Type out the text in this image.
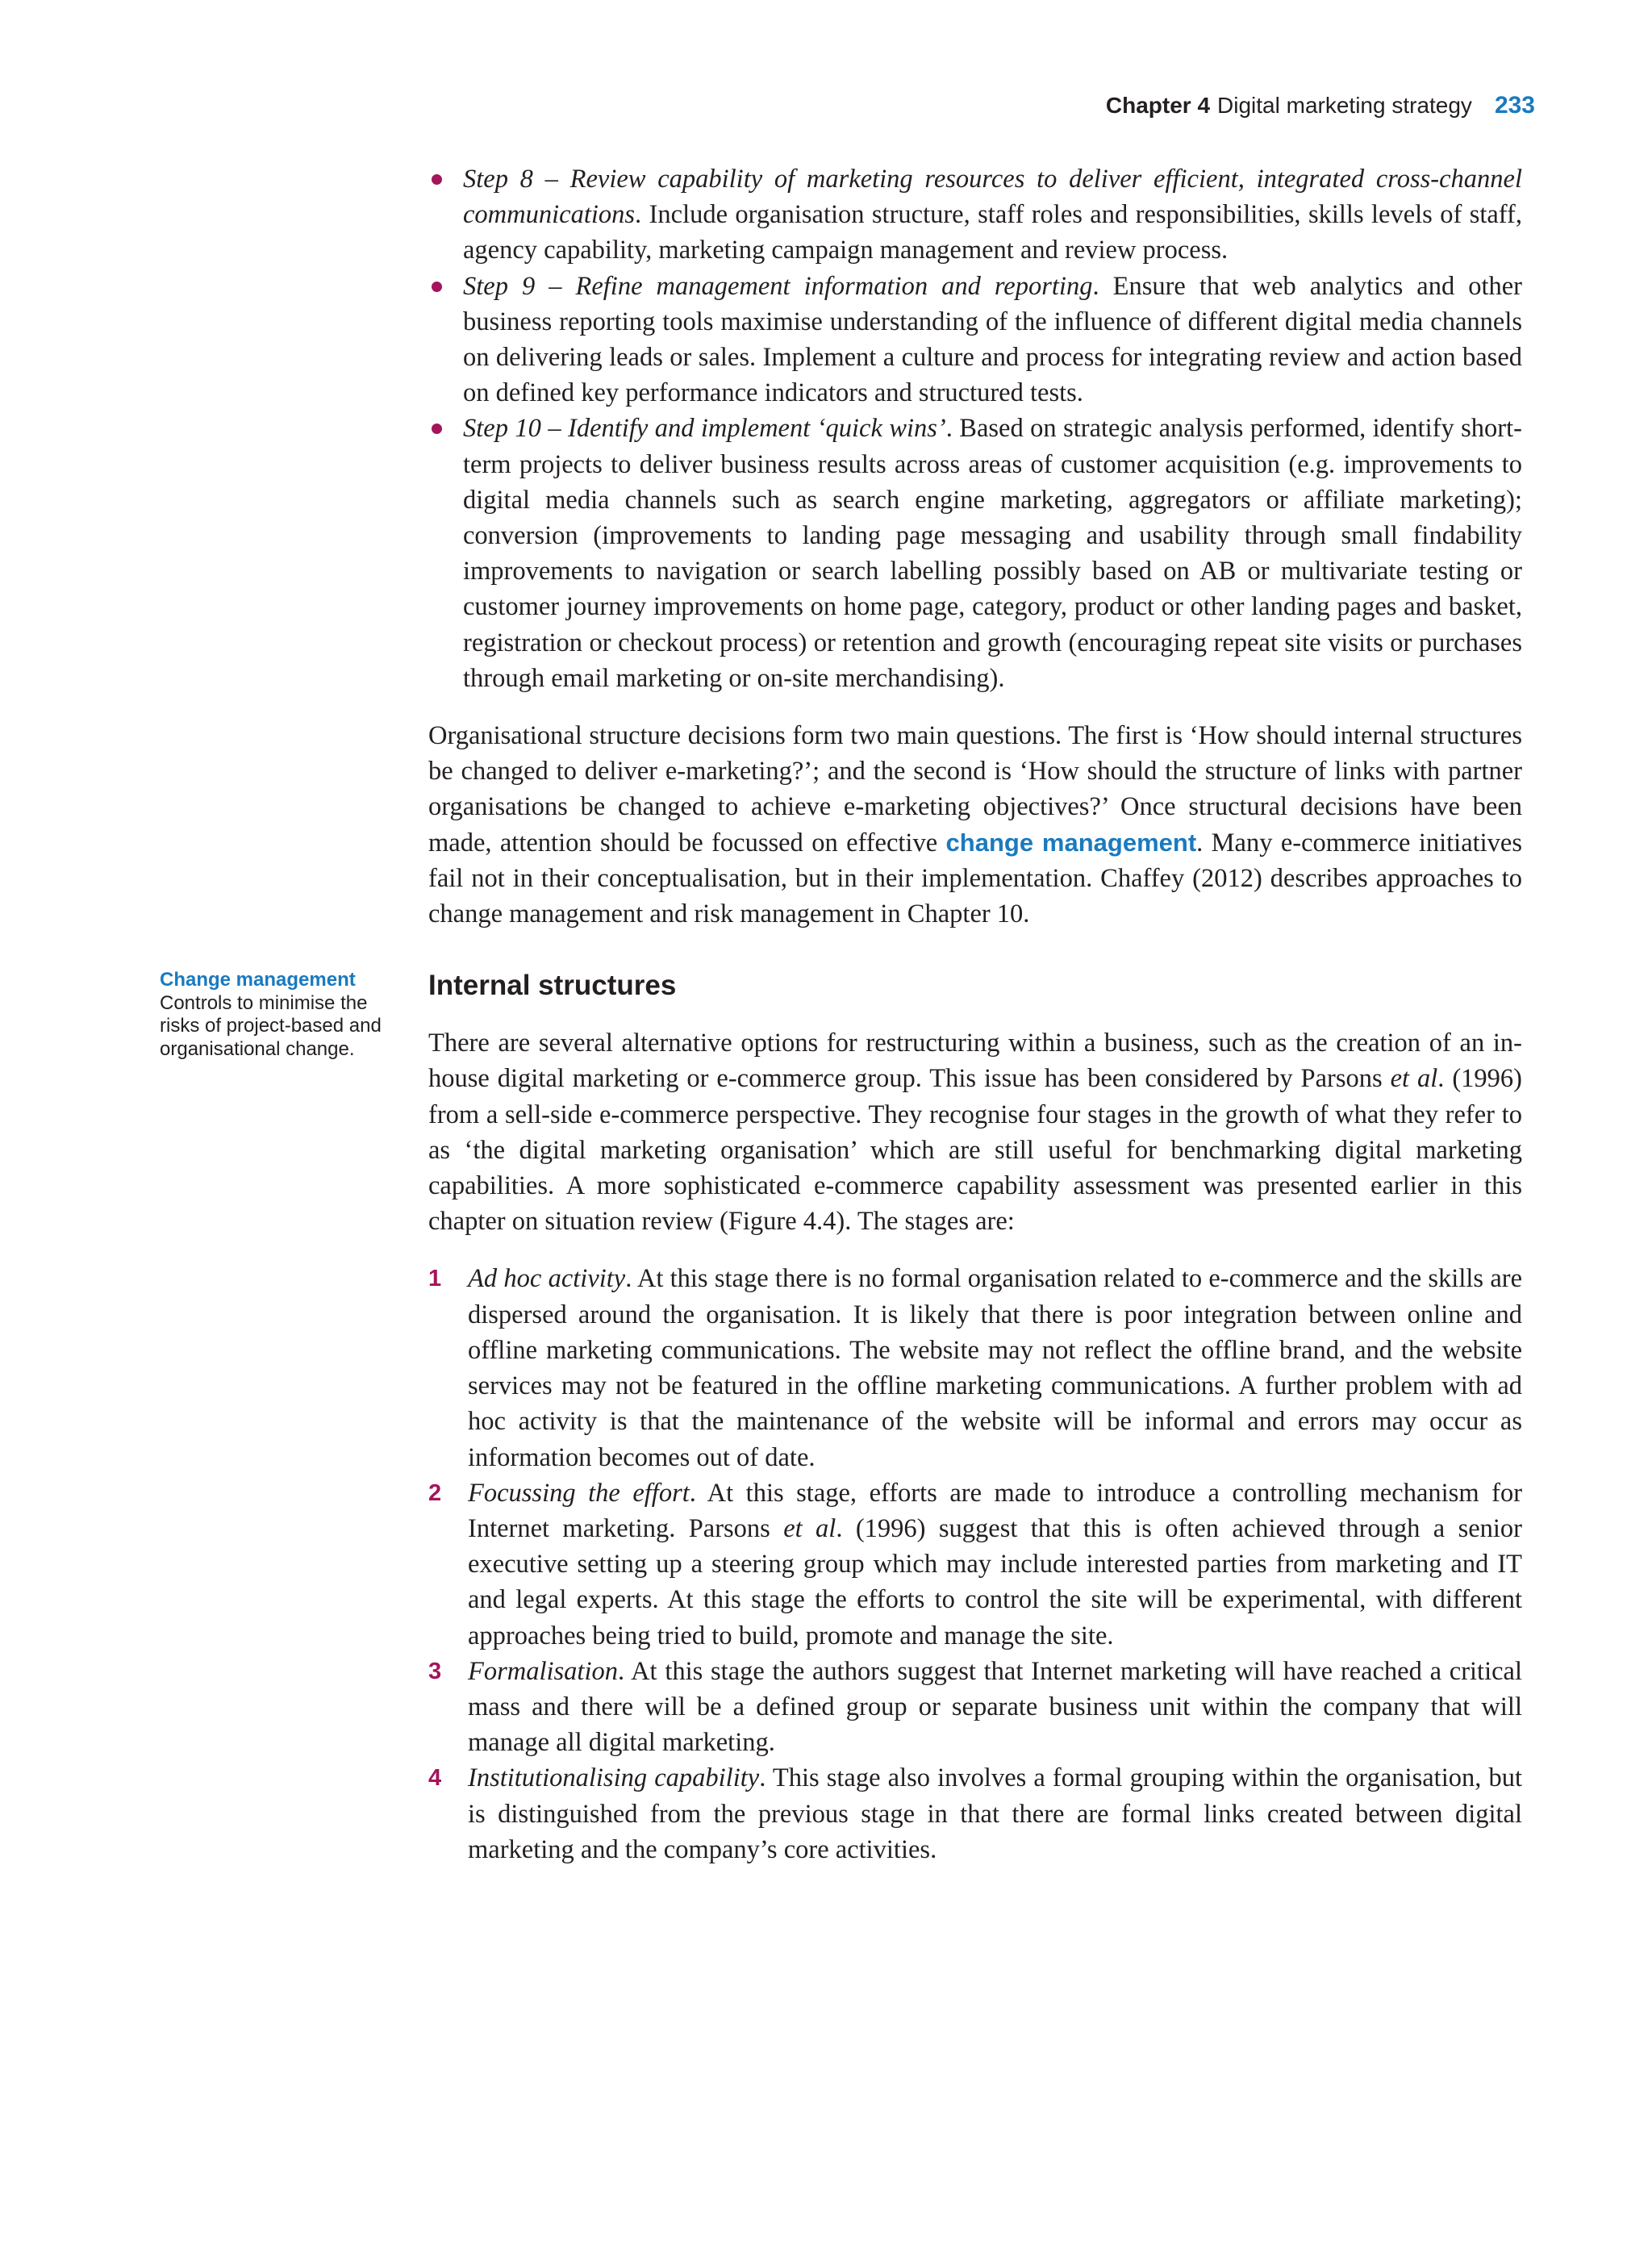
Chapter 4 Digital marketing strategy 233
Change management
Controls to minimise the risks of project-based and organisational change.
Step 8 – Review capability of marketing resources to deliver efficient, integrated cross-channel communications. Include organisation structure, staff roles and responsibilities, skills levels of staff, agency capability, marketing campaign management and review process.
Step 9 – Refine management information and reporting. Ensure that web analytics and other business reporting tools maximise understanding of the influence of different digital media channels on delivering leads or sales. Implement a culture and process for integrating review and action based on defined key performance indicators and structured tests.
Step 10 – Identify and implement ‘quick wins’. Based on strategic analysis performed, identify short-term projects to deliver business results across areas of customer acquisition (e.g. improvements to digital media channels such as search engine marketing, aggregators or affiliate marketing); conversion (improvements to landing page messaging and usability through small findability improvements to navigation or search labelling possibly based on AB or multivariate testing or customer journey improvements on home page, category, product or other landing pages and basket, registration or checkout process) or retention and growth (encouraging repeat site visits or purchases through email marketing or on-site merchandising).

Organisational structure decisions form two main questions. The first is ‘How should internal structures be changed to deliver e-marketing?’; and the second is ‘How should the structure of links with partner organisations be changed to achieve e-marketing objectives?’ Once structural decisions have been made, attention should be focussed on effective change management. Many e-commerce initiatives fail not in their conceptualisation, but in their implementation. Chaffey (2012) describes approaches to change management and risk management in Chapter 10.

Internal structures

There are several alternative options for restructuring within a business, such as the creation of an in-house digital marketing or e-commerce group. This issue has been considered by Parsons et al. (1996) from a sell-side e-commerce perspective. They recognise four stages in the growth of what they refer to as ‘the digital marketing organisation’ which are still useful for benchmarking digital marketing capabilities. A more sophisticated e-commerce capability assessment was presented earlier in this chapter on situation review (Figure 4.4). The stages are:

1 Ad hoc activity. At this stage there is no formal organisation related to e-commerce and the skills are dispersed around the organisation. It is likely that there is poor integration between online and offline marketing communications. The website may not reflect the offline brand, and the website services may not be featured in the offline marketing communications. A further problem with ad hoc activity is that the maintenance of the website will be informal and errors may occur as information becomes out of date.
2 Focussing the effort. At this stage, efforts are made to introduce a controlling mechanism for Internet marketing. Parsons et al. (1996) suggest that this is often achieved through a senior executive setting up a steering group which may include interested parties from marketing and IT and legal experts. At this stage the efforts to control the site will be experimental, with different approaches being tried to build, promote and manage the site.
3 Formalisation. At this stage the authors suggest that Internet marketing will have reached a critical mass and there will be a defined group or separate business unit within the company that will manage all digital marketing.
4 Institutionalising capability. This stage also involves a formal grouping within the organisation, but is distinguished from the previous stage in that there are formal links created between digital marketing and the company’s core activities.
